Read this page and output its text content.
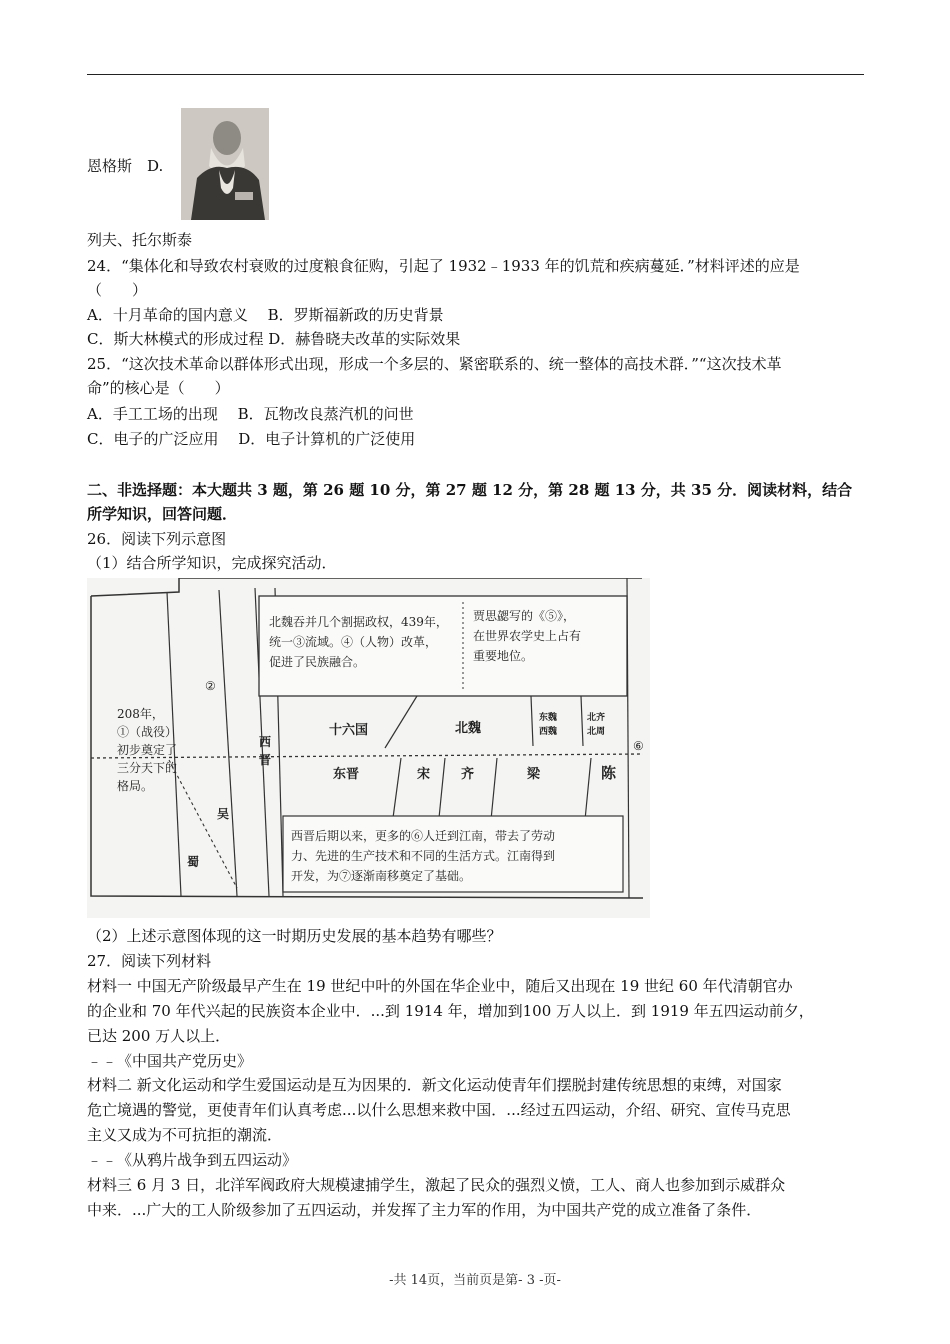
恩格斯　D.
列夫、托尔斯泰
24．“集体化和导致农村衰败的过度粮食征购，引起了 1932﹣1933 年的饥荒和疾病蔓延．”材料评述的应是
（　　）
A．十月革命的国内意义　 B．罗斯福新政的历史背景
C．斯大林模式的形成过程 D．赫鲁晓夫改革的实际效果
25．“这次技术革命以群体形式出现，形成一个多层的、紧密联系的、统一整体的高技术群．”“这次技术革
命”的核心是（　　）
A．手工工场的出现　 B．瓦物改良蒸汽机的问世
C．电子的广泛应用　 D．电子计算机的广泛使用
二、非选择题：本大题共 3 题，第 26 题 10 分，第 27 题 12 分，第 28 题 13 分，共 35 分．阅读材料，结合
所学知识，回答问题．
26．阅读下列示意图
（1）结合所学知识，完成探究活动．
北魏吞并几个割据政权，439年，
统一③流域。④（人物）改革，
促进了民族融合。
贾思勰写的《⑤》，
在世界农学史上占有
重要地位。
②
208年，
①（战役）
初步奠定了
三分天下的
格局。
西
晋
吴
蜀
十六国	北魏
东魏
西魏
北齐
北周
⑥
东晋	宋 齐	梁	陈
西晋后期以来，更多的⑥人迁到江南，带去了劳动
力、先进的生产技术和不同的生活方式。江南得到
开发，为⑦逐渐南移奠定了基础。
（2）上述示意图体现的这一时期历史发展的基本趋势有哪些？
27．阅读下列材料
材料一 中国无产阶级最早产生在 19 世纪中叶的外国在华企业中，随后又出现在 19 世纪 60 年代清朝官办
的企业和 70 年代兴起的民族资本企业中．...到 1914 年，增加到100 万人以上．到 1919 年五四运动前夕，
已达 200 万人以上．
﹣﹣《中国共产党历史》
材料二 新文化运动和学生爱国运动是互为因果的．新文化运动使青年们摆脱封建传统思想的束缚，对国家
危亡境遇的警觉，更使青年们认真考虑...以什么思想来救中国．...经过五四运动，介绍、研究、宣传马克思
主义又成为不可抗拒的潮流．
﹣﹣《从鸦片战争到五四运动》
材料三 6 月 3 日，北洋军阀政府大规模逮捕学生，激起了民众的强烈义愤，工人、商人也参加到示威群众
中来．...广大的工人阶级参加了五四运动，并发挥了主力军的作用，为中国共产党的成立准备了条件．
-共 14页，当前页是第- 3 -页-
